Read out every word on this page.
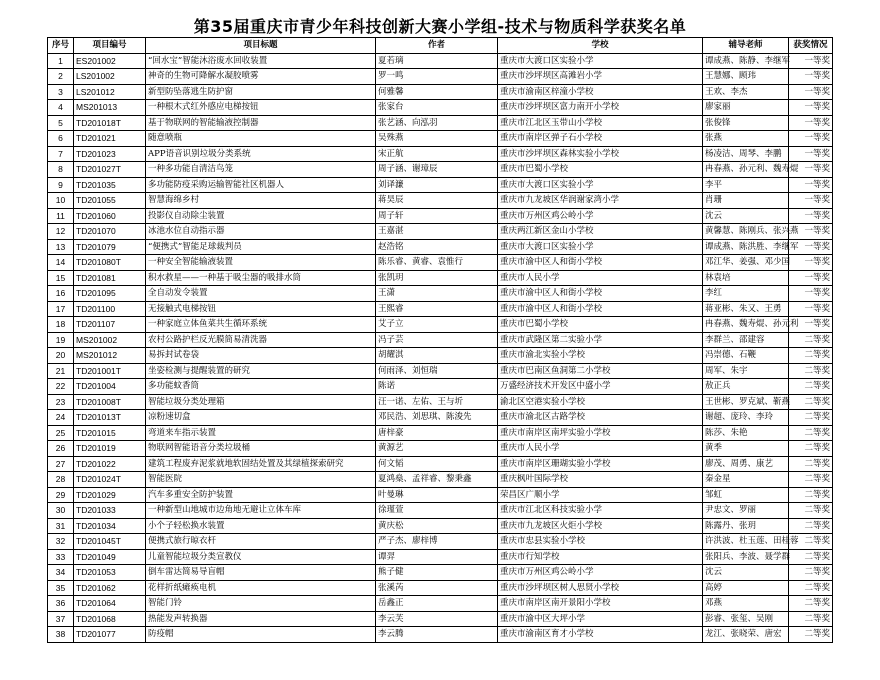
第35届重庆市青少年科技创新大赛小学组-技术与物质科学获奖名单
序号	项目编号	项目标题	作者	学校	辅导老师	获奖情况
1	ES201002	“回水宝”智能沐浴废水回收装置	夏若璃	重庆市大渡口区实验小学	谭成燕、陈静、李继军	一等奖
2	LS201002	神奇的生物可降解水凝胶喷雾	罗一鸣	重庆市沙坪坝区高滩岩小学	王慧娜、顾玮	一等奖
3	LS201012	新型防坠落逃生防护窗	何雅馨	重庆市渝南区梓潼小学校	王欢、李杰	一等奖
4	MS201013	一种根木式红外感应电梯按钮	张家台	重庆市沙坪坝区富力南开小学校	廖家丽	一等奖
5	TD201018T	基于物联网的智能输液控制器	张艺涵、向泓羽	重庆市江北区玉带山小学校	张俊锋	一等奖
6	TD201021	随意喷瓶	吴殊燕	重庆市南岸区弹子石小学校	张燕	一等奖
7	TD201023	APP语音识别垃圾分类系统	宋正航	重庆市沙坪坝区森林实验小学校	杨凌洁、周琴、李鹏	一等奖
8	TD201027T	一种多功能自清洁鸟笼	周子涵、谢璋辰	重庆市巴蜀小学校	冉春燕、孙元利、魏寿焜	一等奖
9	TD201035	多功能防疫采购运输智能社区机器人	刘译濂	重庆市大渡口区实验小学	李平	一等奖
10	TD201055	智慧海绵乡村	蒋昊辰	重庆市九龙坡区华润谢家湾小学	肖珊	一等奖
11	TD201060	投影仪自动除尘装置	周子轩	重庆市万州区鸡公岭小学	沈云	一等奖
12	TD201070	冰池水位自动指示器	王嘉湛	重庆两江新区金山小学校	黄馨慧、陈刚兵、张兴燕	一等奖
13	TD201079	“便携式”智能足球裁判员	赵浩铭	重庆市大渡口区实验小学	谭成燕、陈洪胜、李继军	一等奖
14	TD201080T	一种安全智能输液装置	陈乐睿、黄睿、袁惟行	重庆市渝中区人和街小学校	邓江华、姜强、邓少国	一等奖
15	TD201081	积水救星——一种基于吸尘器的吸排水筒	张凯玥	重庆市人民小学	林袁培	一等奖
16	TD201095	全自动发令装置	王潇	重庆市渝中区人和街小学校	李红	一等奖
17	TD201100	无接触式电梯按钮	王熙睿	重庆市渝中区人和街小学校	蒋亚彬、朱又、王勇	一等奖
18	TD201107	一种家庭立体鱼菜共生循环系统	艾子立	重庆市巴蜀小学校	冉春燕、魏寿焜、孙元利	一等奖
19	MS201002	农村公路护栏反光膜简易清洗器	冯子芸	重庆市武隆区第二实验小学	李群兰、邵建容	二等奖
20	MS201012	易拆封试卷袋	胡耀淇	重庆市渝北实验小学校	冯崇德、石鞭	二等奖
21	TD201001T	坐姿检测与提醒装置的研究	何雨泽、刘恒瑞	重庆市巴南区鱼洞第二小学校	周军、朱宇	二等奖
22	TD201004	多功能蚊香筒	陈诺	万盛经济技术开发区中盛小学	敖正兵	二等奖
23	TD201008T	智能垃圾分类处理箱	汪一诺、左佑、王与圻	渝北区空港实验小学校	王世彬、罗克斌、靳燕	二等奖
24	TD201013T	凉粉速切盒	邓民浩、刘思琪、陈浚先	重庆市渝北区古路学校	谢超、庞玲、李玲	二等奖
25	TD201015	弯道来车指示装置	唐梓豪	重庆市南岸区南坪实验小学校	陈莎、朱艳	二等奖
26	TD201019	物联网智能语音分类垃圾桶	黄源艺	重庆市人民小学	黄季	二等奖
27	TD201022	建筑工程废弃泥浆就地软固结处置及其绿植探索研究	何文韬	重庆市南岸区珊瑚实验小学校	廖茂、周勇、康艺	二等奖
28	TD201024T	智能医院	夏鸿燊、孟祥睿、黎秉鑫	重庆枫叶国际学校	秦金星	二等奖
29	TD201029	汽车多重安全防护装置	叶曼琳	荣昌区广顺小学	邹虹	二等奖
30	TD201033	一种新型山地城市边角地无避让立体车库	徐瑾萱	重庆市江北区科技实验小学	尹忠文、罗丽	二等奖
31	TD201034	小个子轻松换水装置	黄庆松	重庆市九龙坡区火炬小学校	陈露丹、张玥	二等奖
32	TD201045T	便携式旅行晾衣杆	严子杰、廖梓博	重庆市忠县实验小学校	许洪波、杜玉莲、田桂蓉	二等奖
33	TD201049	儿童智能垃圾分类宣教仪	谭羿	重庆市行知学校	张阳兵、李波、聂学群	二等奖
34	TD201053	倒车雷达简易导盲帽	熊子健	重庆市万州区鸡公岭小学	沈云	二等奖
35	TD201062	花样折纸瘫痪电机	张溪芮	重庆市沙坪坝区树人思贤小学校	高婷	二等奖
36	TD201064	智能门铃	岳鑫正	重庆市南岸区南开景阳小学校	邓燕	二等奖
37	TD201068	热能发声转换器	李云芙	重庆市渝中区大坪小学	彭睿、张玺、吴刚	二等奖
38	TD201077	防疫帽	李云腾	重庆市渝南区育才小学校	龙江、张晓荣、唐宏	二等奖
